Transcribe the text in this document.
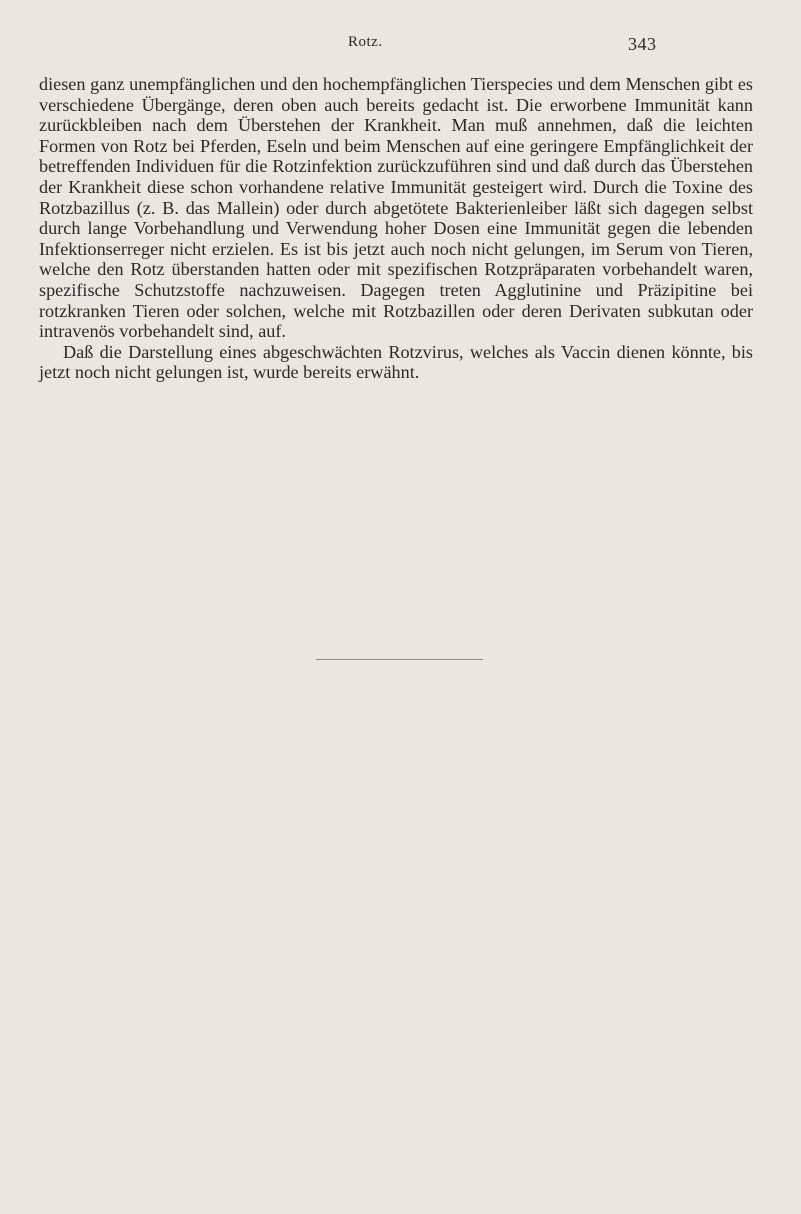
Rotz.	343

diesen ganz unempfänglichen und den hochempfänglichen Tierspecies und dem Menschen gibt es verschiedene Übergänge, deren oben auch bereits gedacht ist. Die erworbene Immunität kann zurückbleiben nach dem Überstehen der Krankheit. Man muß annehmen, daß die leichten Formen von Rotz bei Pferden, Eseln und beim Menschen auf eine geringere Empfänglichkeit der betreffenden Individuen für die Rotzinfektion zurückzuführen sind und daß durch das Überstehen der Krankheit diese schon vorhandene relative Immunität gesteigert wird. Durch die Toxine des Rotzbazillus (z. B. das Mallein) oder durch abgetötete Bakterienleiber läßt sich dagegen selbst durch lange Vorbehandlung und Verwendung hoher Dosen eine Immunität gegen die lebenden Infektionserreger nicht erzielen. Es ist bis jetzt auch noch nicht gelungen, im Serum von Tieren, welche den Rotz überstanden hatten oder mit spezifischen Rotzpräparaten vorbehandelt waren, spezifische Schutzstoffe nachzuweisen. Dagegen treten Agglutinine und Präzipitine bei rotzkranken Tieren oder solchen, welche mit Rotzbazillen oder deren Derivaten subkutan oder intravenös vorbehandelt sind, auf.

Daß die Darstellung eines abgeschwächten Rotzvirus, welches als Vaccin dienen könnte, bis jetzt noch nicht gelungen ist, wurde bereits erwähnt.
